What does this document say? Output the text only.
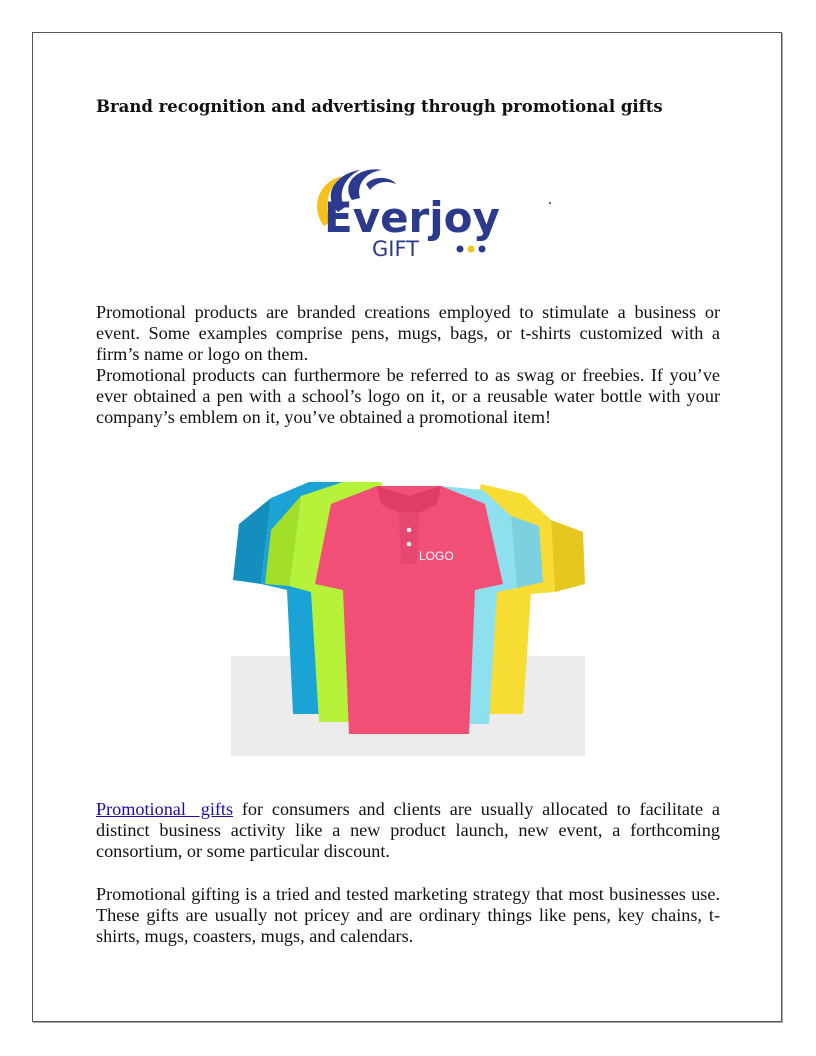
Brand recognition and advertising through promotional gifts
Everjoy
GIFT

Promotional products are branded creations employed to stimulate a business or event. Some examples comprise pens, mugs, bags, or t-shirts customized with a firm’s name or logo on them.
Promotional products can furthermore be referred to as swag or freebies. If you’ve ever obtained a pen with a school’s logo on it, or a reusable water bottle with your company’s emblem on it, you’ve obtained a promotional item!

LOGO

Promotional gifts for consumers and clients are usually allocated to facilitate a distinct business activity like a new product launch, new event, a forthcoming consortium, or some particular discount.

Promotional gifting is a tried and tested marketing strategy that most businesses use. These gifts are usually not pricey and are ordinary things like pens, key chains, t-shirts, mugs, coasters, mugs, and calendars.
